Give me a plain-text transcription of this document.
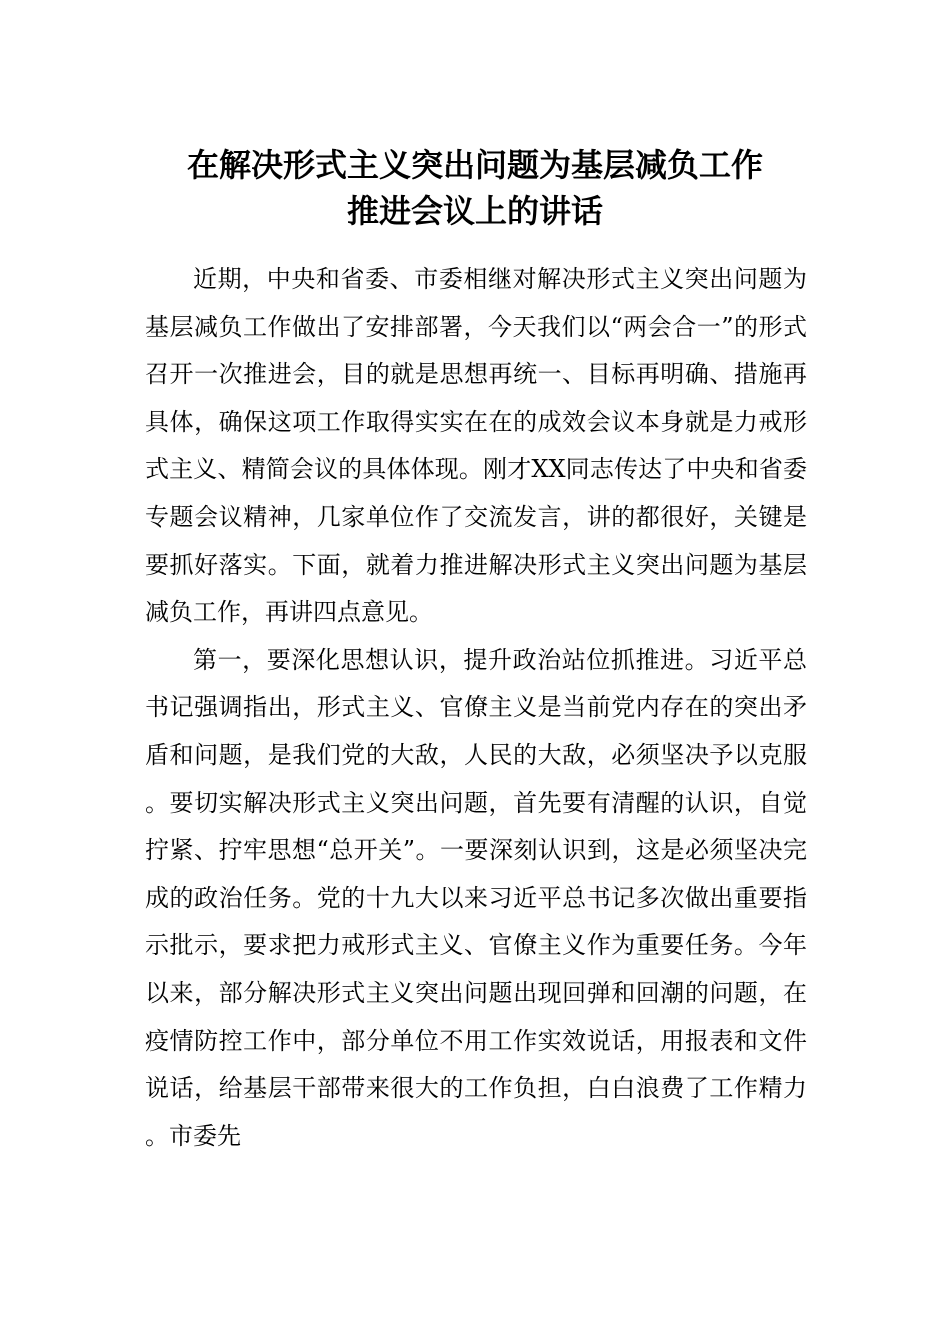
在解决形式主义突出问题为基层减负工作
推进会议上的讲话

近期，中央和省委、市委相继对解决形式主义突出问题为基层减负工作做出了安排部署，今天我们以“两会合一”的形式召开一次推进会，目的就是思想再统一、目标再明确、措施再具体，确保这项工作取得实实在在的成效会议本身就是力戒形式主义、精简会议的具体体现。刚才XX同志传达了中央和省委专题会议精神，几家单位作了交流发言，讲的都很好，关键是要抓好落实。下面，就着力推进解决形式主义突出问题为基层减负工作，再讲四点意见。

第一，要深化思想认识，提升政治站位抓推进。习近平总书记强调指出，形式主义、官僚主义是当前党内存在的突出矛盾和问题，是我们党的大敌，人民的大敌，必须坚决予以克服。要切实解决形式主义突出问题，首先要有清醒的认识，自觉拧紧、拧牢思想“总开关”。一要深刻认识到，这是必须坚决完成的政治任务。党的十九大以来习近平总书记多次做出重要指示批示，要求把力戒形式主义、官僚主义作为重要任务。今年以来，部分解决形式主义突出问题出现回弹和回潮的问题，在疫情防控工作中，部分单位不用工作实效说话，用报表和文件说话，给基层干部带来很大的工作负担，白白浪费了工作精力。市委先
